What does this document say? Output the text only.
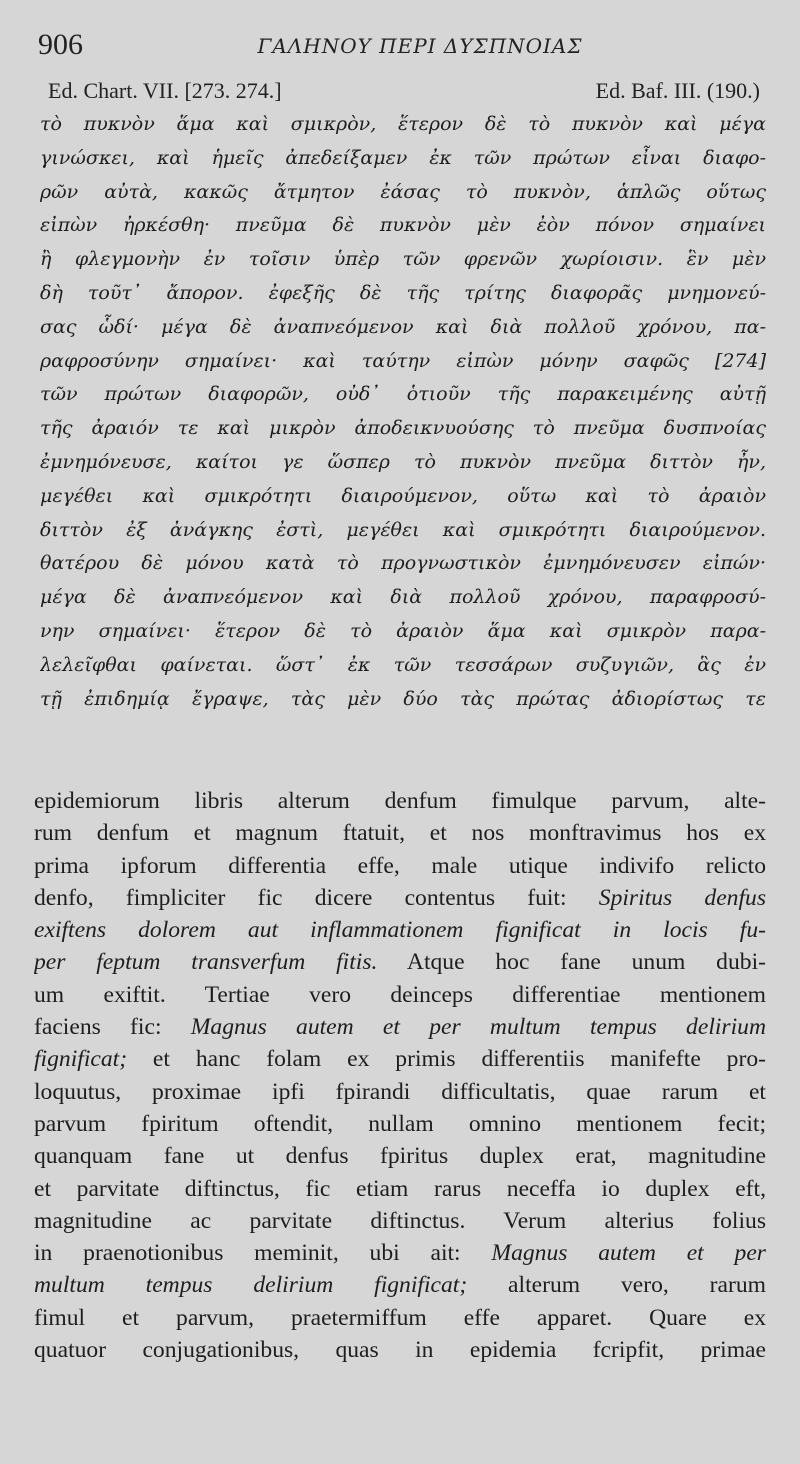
906	ΓΑΛΗΝΟΥ ΠΕΡΙ ΔΥΣΠΝΟΙΑΣ
Ed. Chart. VII. [273. 274.]	Ed. Baf. III. (190.)
τὸ πυκνὸν ἅμα καὶ σμικρὸν, ἕτερον δὲ τὸ πυκνὸν καὶ μέγα
γινώσκει, καὶ ἡμεῖς ἀπεδείξαμεν ἐκ τῶν πρώτων εἶναι διαφο-
ρῶν αὐτὰ, κακῶς ἄτμητον ἐάσας τὸ πυκνὸν, ἁπλῶς οὕτως
εἰπὼν ἠρκέσθη· πνεῦμα δὲ πυκνὸν μὲν ἐὸν πόνον σημαίνει
ἢ φλεγμονὴν ἐν τοῖσιν ὑπὲρ τῶν φρενῶν χωρίοισιν. ἓν μὲν
δὴ τοῦτ᾽ ἄπορον. ἐφεξῆς δὲ τῆς τρίτης διαφορᾶς μνημονεύ-
σας ὧδί· μέγα δὲ ἀναπνεόμενον καὶ διὰ πολλοῦ χρόνου, πα-
ραφροσύνην σημαίνει· καὶ ταύτην εἰπὼν μόνην σαφῶς [274]
τῶν πρώτων διαφορῶν, οὐδ᾽ ὁτιοῦν τῆς παρακειμένης αὐτῇ
τῆς ἀραιόν τε καὶ μικρὸν ἀποδεικνυούσης τὸ πνεῦμα δυσπνοίας
ἐμνημόνευσε, καίτοι γε ὥσπερ τὸ πυκνὸν πνεῦμα διττὸν ἦν,
μεγέθει καὶ σμικρότητι διαιρούμενον, οὕτω καὶ τὸ ἀραιὸν
διττὸν ἐξ ἀνάγκης ἐστὶ, μεγέθει καὶ σμικρότητι διαιρούμενον.
θατέρου δὲ μόνου κατὰ τὸ προγνωστικὸν ἐμνημόνευσεν εἰπών·
μέγα δὲ ἀναπνεόμενον καὶ διὰ πολλοῦ χρόνου, παραφροσύ-
νην σημαίνει· ἕτερον δὲ τὸ ἀραιὸν ἅμα καὶ σμικρὸν παρα-
λελεῖφθαι φαίνεται. ὥστ᾽ ἐκ τῶν τεσσάρων συζυγιῶν, ἃς ἐν
τῇ ἐπιδημίᾳ ἔγραψε, τὰς μὲν δύο τὰς πρώτας ἀδιορίστως τε
epidemiorum libris alterum denfum fimulque parvum, alte-
rum denfum et magnum ftatuit, et nos monftravimus hos ex
prima ipforum differentia effe, male utique indivifo relicto
denfo, fimpliciter fic dicere contentus fuit: Spiritus denfus
exiftens dolorem aut inflammationem fignificat in locis fu-
per feptum transverfum fitis. Atque hoc fane unum dubi-
um exiftit. Tertiae vero deinceps differentiae mentionem
faciens fic: Magnus autem et per multum tempus delirium
fignificat; et hanc folam ex primis differentiis manifefte pro-
loquutus, proximae ipfi fpirandi difficultatis, quae rarum et
parvum fpiritum oftendit, nullam omnino mentionem fecit;
quanquam fane ut denfus fpiritus duplex erat, magnitudine
et parvitate diftinctus, fic etiam rarus neceffa io duplex eft,
magnitudine ac parvitate diftinctus. Verum alterius folius
in praenotionibus meminit, ubi ait: Magnus autem et per
multum tempus delirium fignificat; alterum vero, rarum
fimul et parvum, praetermiffum effe apparet. Quare ex
quatuor conjugationibus, quas in epidemia fcripfit, primae
